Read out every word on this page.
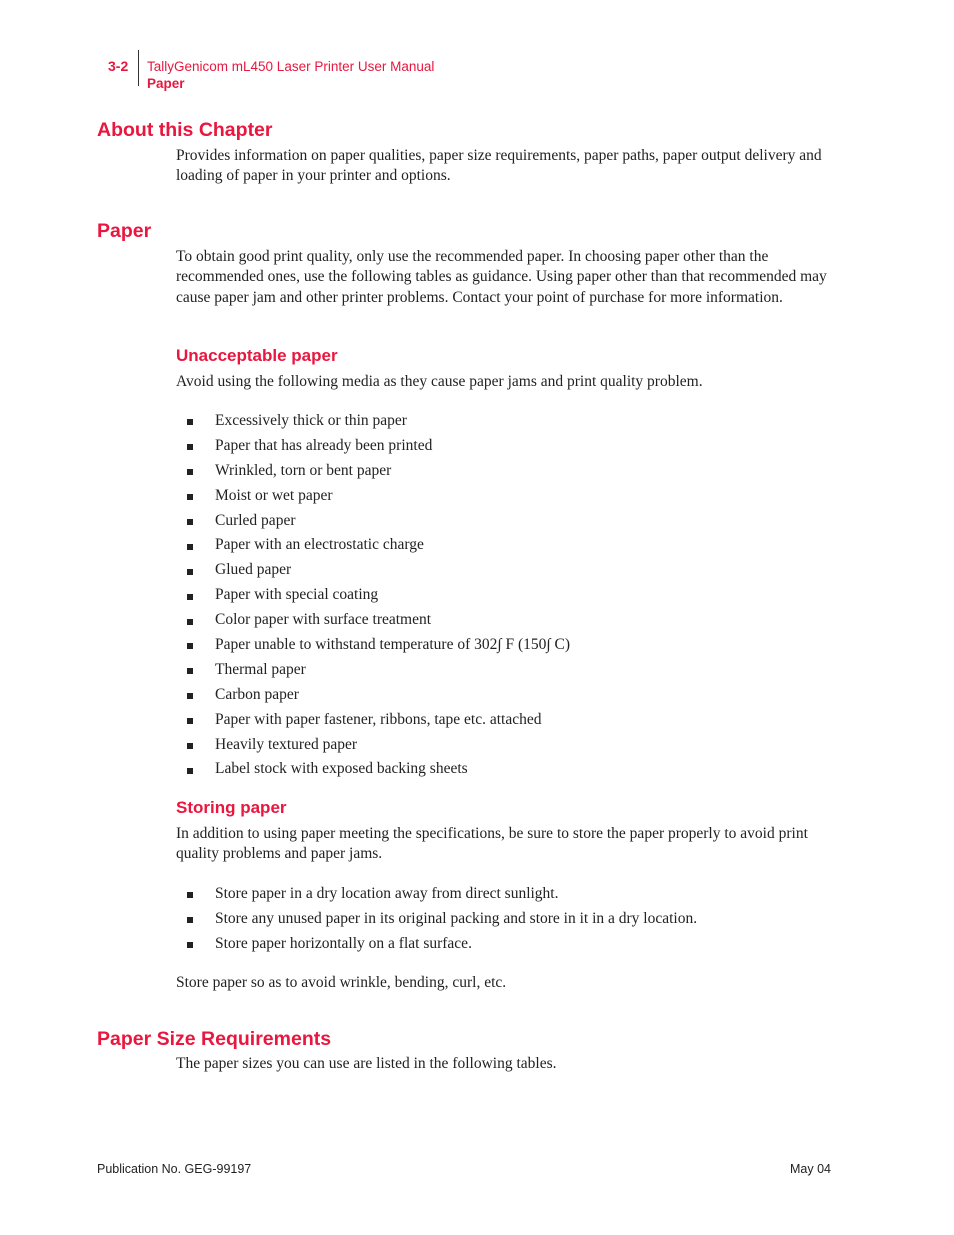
3-2 TallyGenicom mL450 Laser Printer User Manual
Paper
About this Chapter

Provides information on paper qualities, paper size requirements, paper paths, paper output delivery and loading of paper in your printer and options.

Paper

To obtain good print quality, only use the recommended paper. In choosing paper other than the recommended ones, use the following tables as guidance. Using paper other than that recommended may cause paper jam and other printer problems. Contact your point of purchase for more information.

Unacceptable paper

Avoid using the following media as they cause paper jams and print quality problem.

Excessively thick or thin paper
Paper that has already been printed
Wrinkled, torn or bent paper
Moist or wet paper
Curled paper
Paper with an electrostatic charge
Glued paper
Paper with special coating
Color paper with surface treatment
Paper unable to withstand temperature of 302∫ F (150∫ C)
Thermal paper
Carbon paper
Paper with paper fastener, ribbons, tape etc. attached
Heavily textured paper
Label stock with exposed backing sheets
Storing paper

In addition to using paper meeting the specifications, be sure to store the paper properly to avoid print quality problems and paper jams.

Store paper in a dry location away from direct sunlight.
Store any unused paper in its original packing and store in it in a dry location.
Store paper horizontally on a flat surface.

Store paper so as to avoid wrinkle, bending, curl, etc.

Paper Size Requirements

The paper sizes you can use are listed in the following tables.

Publication No. GEG-99197	May 04
